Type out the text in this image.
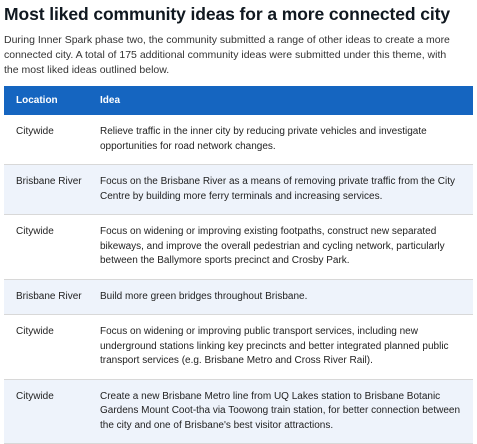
Most liked community ideas for a more connected city

During Inner Spark phase two, the community submitted a range of other ideas to create a more connected city. A total of 175 additional community ideas were submitted under this theme, with the most liked ideas outlined below.

Location	Idea
Citywide	Relieve traffic in the inner city by reducing private vehicles and investigate opportunities for road network changes.
Brisbane River	Focus on the Brisbane River as a means of removing private traffic from the City Centre by building more ferry terminals and increasing services.
Citywide	Focus on widening or improving existing footpaths, construct new separated bikeways, and improve the overall pedestrian and cycling network, particularly between the Ballymore sports precinct and Crosby Park.
Brisbane River	Build more green bridges throughout Brisbane.
Citywide	Focus on widening or improving public transport services, including new underground stations linking key precincts and better integrated planned public transport services (e.g. Brisbane Metro and Cross River Rail).
Citywide	Create a new Brisbane Metro line from UQ Lakes station to Brisbane Botanic Gardens Mount Coot-tha via Toowong train station, for better connection between the city and one of Brisbane's best visitor attractions.
